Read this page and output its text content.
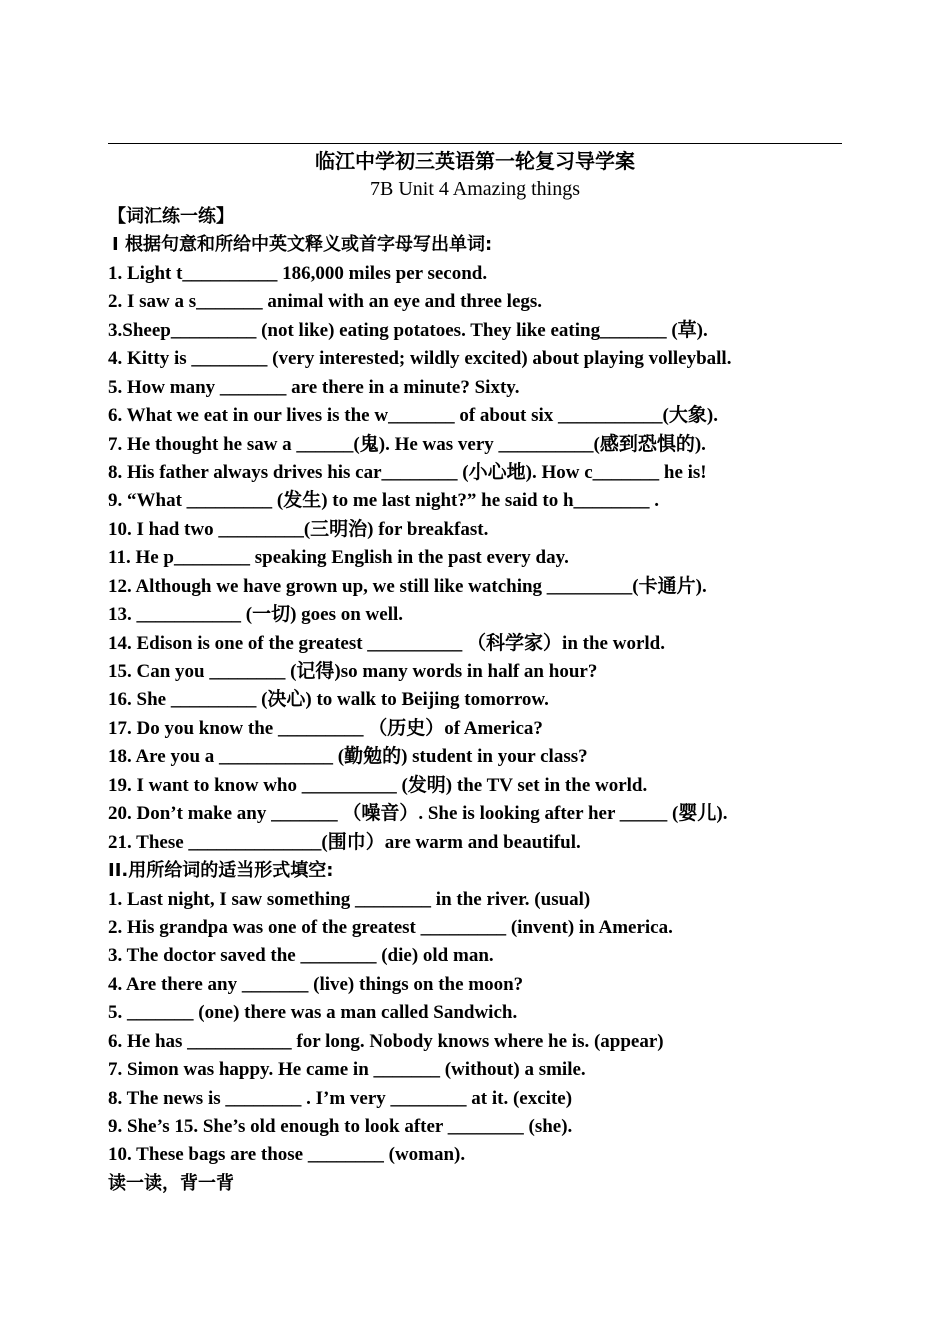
临江中学初三英语第一轮复习导学案
7B Unit 4 Amazing things
【词汇练一练】
Ⅰ 根据句意和所给中英文释义或首字母写出单词:
1. Light t__________ 186,000 miles per second.
2. I saw a s_______ animal with an eye and three legs.
3.Sheep_________ (not like) eating potatoes. They like eating_______ (草).
4. Kitty is ________ (very interested; wildly excited) about playing volleyball.
5. How many _______ are there in a minute? Sixty.
6. What we eat in our lives is the w_______ of about six ___________(大象).
7. He thought he saw a ______(鬼). He was very __________(感到恐惧的).
8. His father always drives his car________ (小心地). How c_______ he is!
9. “What _________ (发生) to me last night?” he said to h________ .
10. I had two _________(三明治) for breakfast.
11. He p________ speaking English in the past every day.
12. Although we have grown up, we still like watching _________(卡通片).
13. ___________ (一切) goes on well.
14. Edison is one of the greatest __________ （科学家）in the world.
15. Can you ________ (记得)so many words in half an hour?
16. She _________ (决心) to walk to Beijing tomorrow.
17. Do you know the _________ （历史）of America?
18. Are you a ____________ (勤勉的) student in your class?
19. I want to know who __________ (发明) the TV set in the world.
20. Don’t make any _______ （噪音）. She is looking after her _____ (婴儿).
21. These ______________(围巾）are warm and beautiful.
II.用所给词的适当形式填空:
1. Last night, I saw something ________ in the river. (usual)
2. His grandpa was one of the greatest _________ (invent) in America.
3. The doctor saved the ________ (die) old man.
4. Are there any _______ (live) things on the moon?
5. _______ (one) there was a man called Sandwich.
6. He has ___________ for long. Nobody knows where he is. (appear)
7. Simon was happy. He came in _______ (without) a smile.
8. The news is ________ . I’m very ________ at it. (excite)
9. She’s 15. She’s old enough to look after ________ (she).
10. These bags are those ________ (woman).
读一读，背一背
